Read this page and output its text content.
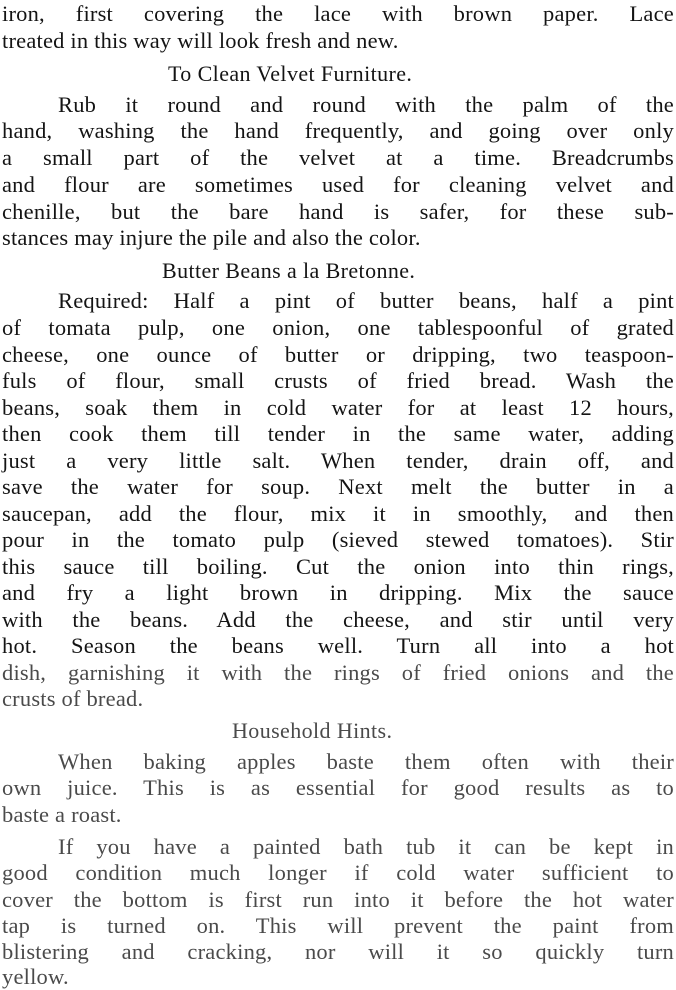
iron, first covering the lace with brown paper. Lace
treated in this way will look fresh and new.
To Clean Velvet Furniture.
Rub it round and round with the palm of the
hand, washing the hand frequently, and going over only
a small part of the velvet at a time. Breadcrumbs
and flour are sometimes used for cleaning velvet and
chenille, but the bare hand is safer, for these sub-
stances may injure the pile and also the color.
Butter Beans a la Bretonne.
Required: Half a pint of butter beans, half a pint
of tomata pulp, one onion, one tablespoonful of grated
cheese, one ounce of butter or dripping, two teaspoon-
fuls of flour, small crusts of fried bread. Wash the
beans, soak them in cold water for at least 12 hours,
then cook them till tender in the same water, adding
just a very little salt. When tender, drain off, and
save the water for soup. Next melt the butter in a
saucepan, add the flour, mix it in smoothly, and then
pour in the tomato pulp (sieved stewed tomatoes). Stir
this sauce till boiling. Cut the onion into thin rings,
and fry a light brown in dripping. Mix the sauce
with the beans. Add the cheese, and stir until very
hot. Season the beans well. Turn all into a hot
dish, garnishing it with the rings of fried onions and the
crusts of bread.
Household Hints.
When baking apples baste them often with their
own juice. This is as essential for good results as to
baste a roast.
If you have a painted bath tub it can be kept in
good condition much longer if cold water sufficient to
cover the bottom is first run into it before the hot water
tap is turned on. This will prevent the paint from
blistering and cracking, nor will it so quickly turn
yellow.
